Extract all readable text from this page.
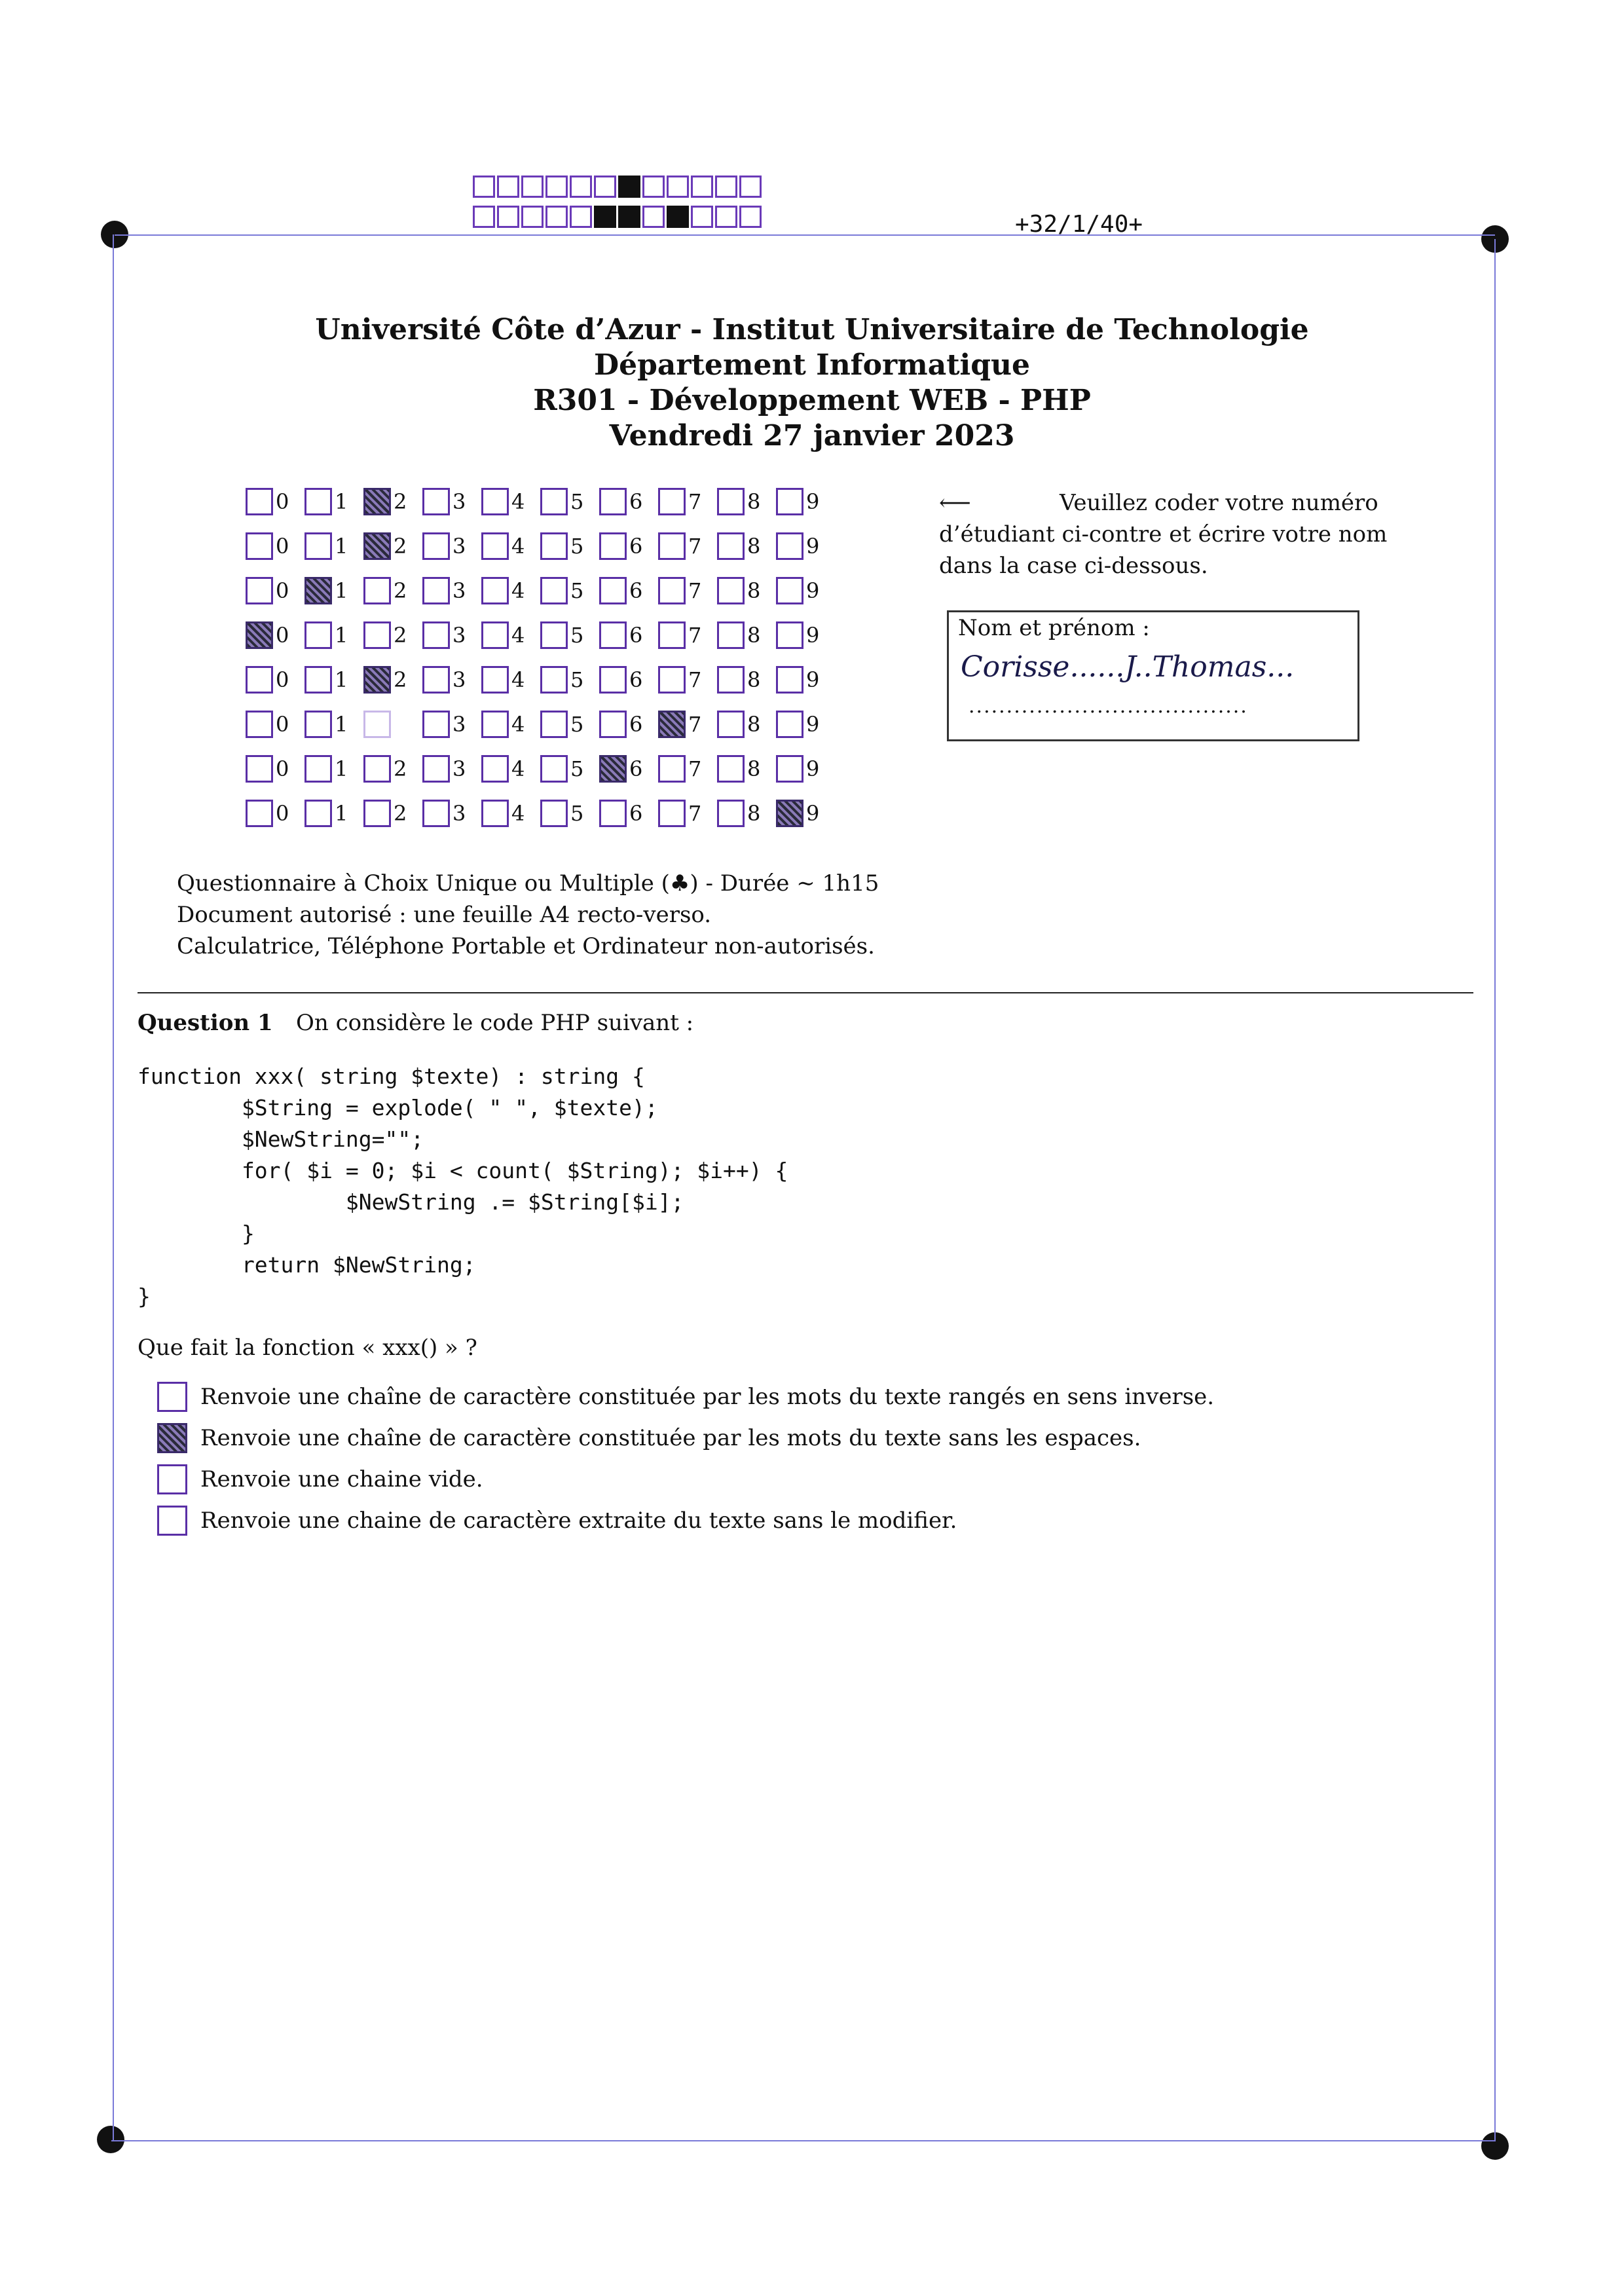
+32/1/40+
Université Côte d’Azur - Institut Universitaire de Technologie
Département Informatique
R301 - Développement WEB - PHP
Vendredi 27 janvier 2023
0 1 2 3 4 5 6 7 8 9
0 1 2 3 4 5 6 7 8 9
0 1 2 3 4 5 6 7 8 9
0 1 2 3 4 5 6 7 8 9
0 1 2 3 4 5 6 7 8 9
0 1	3 4 5 6 7 8 9
0 1 2 3 4 5 6 7 8 9
0 1 2 3 4 5 6 7 8 9
⟵	Veuillez coder votre numéro
d’étudiant ci-contre et écrire votre nom
dans la case ci-dessous.
Nom et prénom :
Corisse......J..Thomas...
.....................................
Questionnaire à Choix Unique ou Multiple (♣) - Durée ∼ 1h15
Document autorisé : une feuille A4 recto-verso.
Calculatrice, Téléphone Portable et Ordinateur non-autorisés.
Question 1 On considère le code PHP suivant :
function xxx( string $texte) : string {
$String = explode( " ", $texte);
$NewString="";
for( $i = 0; $i < count( $String); $i++) {
$NewString .= $String[$i];
}
return $NewString;
}
Que fait la fonction « xxx() » ?
Renvoie une chaîne de caractère constituée par les mots du texte rangés en sens inverse.
Renvoie une chaîne de caractère constituée par les mots du texte sans les espaces.
Renvoie une chaine vide.
Renvoie une chaine de caractère extraite du texte sans le modifier.
